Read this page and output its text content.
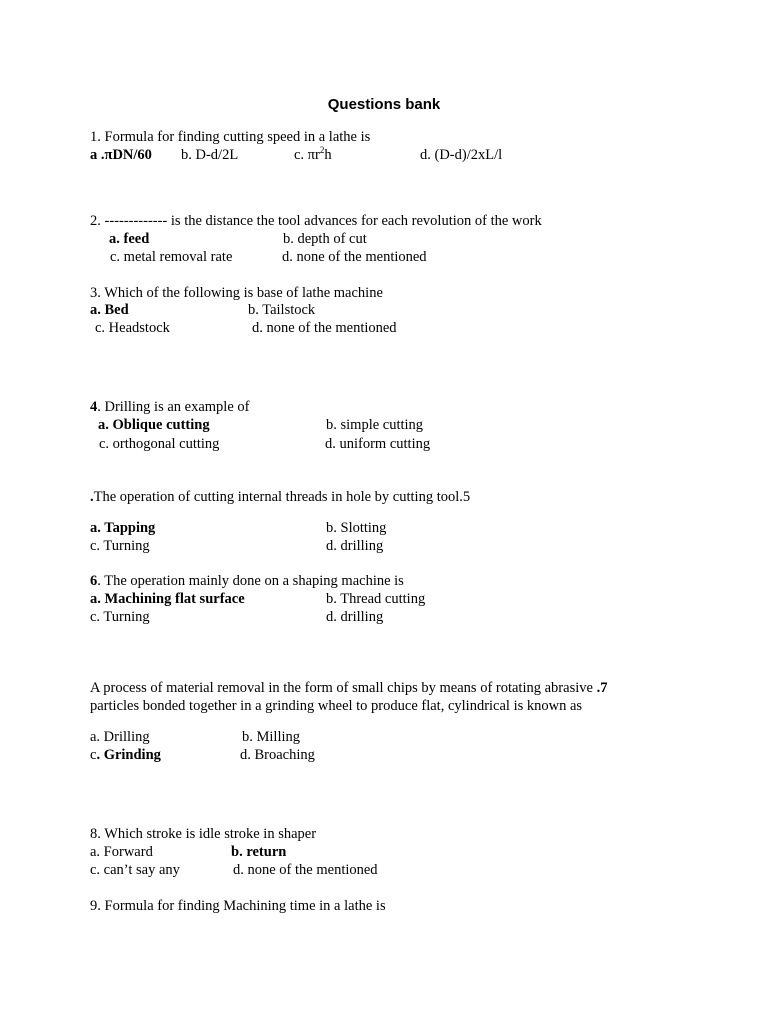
Questions bank
1. Formula for finding cutting speed in a lathe is
a .πDN/60 b. D-d/2L	c. $\pi r^2h$	d. (D-d)/2xL/l
2. ------------- is the distance the tool advances for each revolution of the work
a. feed	b. depth of cut
c. metal removal rate	d. none of the mentioned
3. Which of the following is base of lathe machine
a. Bed	b. Tailstock
c. Headstock	d. none of the mentioned
4. Drilling is an example of
a. Oblique cutting	b. simple cutting
c. orthogonal cutting	d. uniform cutting
.The operation of cutting internal threads in hole by cutting tool.5
a. Tapping	b. Slotting
c. Turning	d. drilling
6. The operation mainly done on a shaping machine is
a. Machining flat surface	b. Thread cutting
c. Turning	d. drilling
A process of material removal in the form of small chips by means of rotating abrasive .7
particles bonded together in a grinding wheel to produce flat, cylindrical is known as
a. Drilling	b. Milling
c. Grinding	d. Broaching
8. Which stroke is idle stroke in shaper
a. Forward	b. return
c. can’t say any	d. none of the mentioned
9. Formula for finding Machining time in a lathe is
